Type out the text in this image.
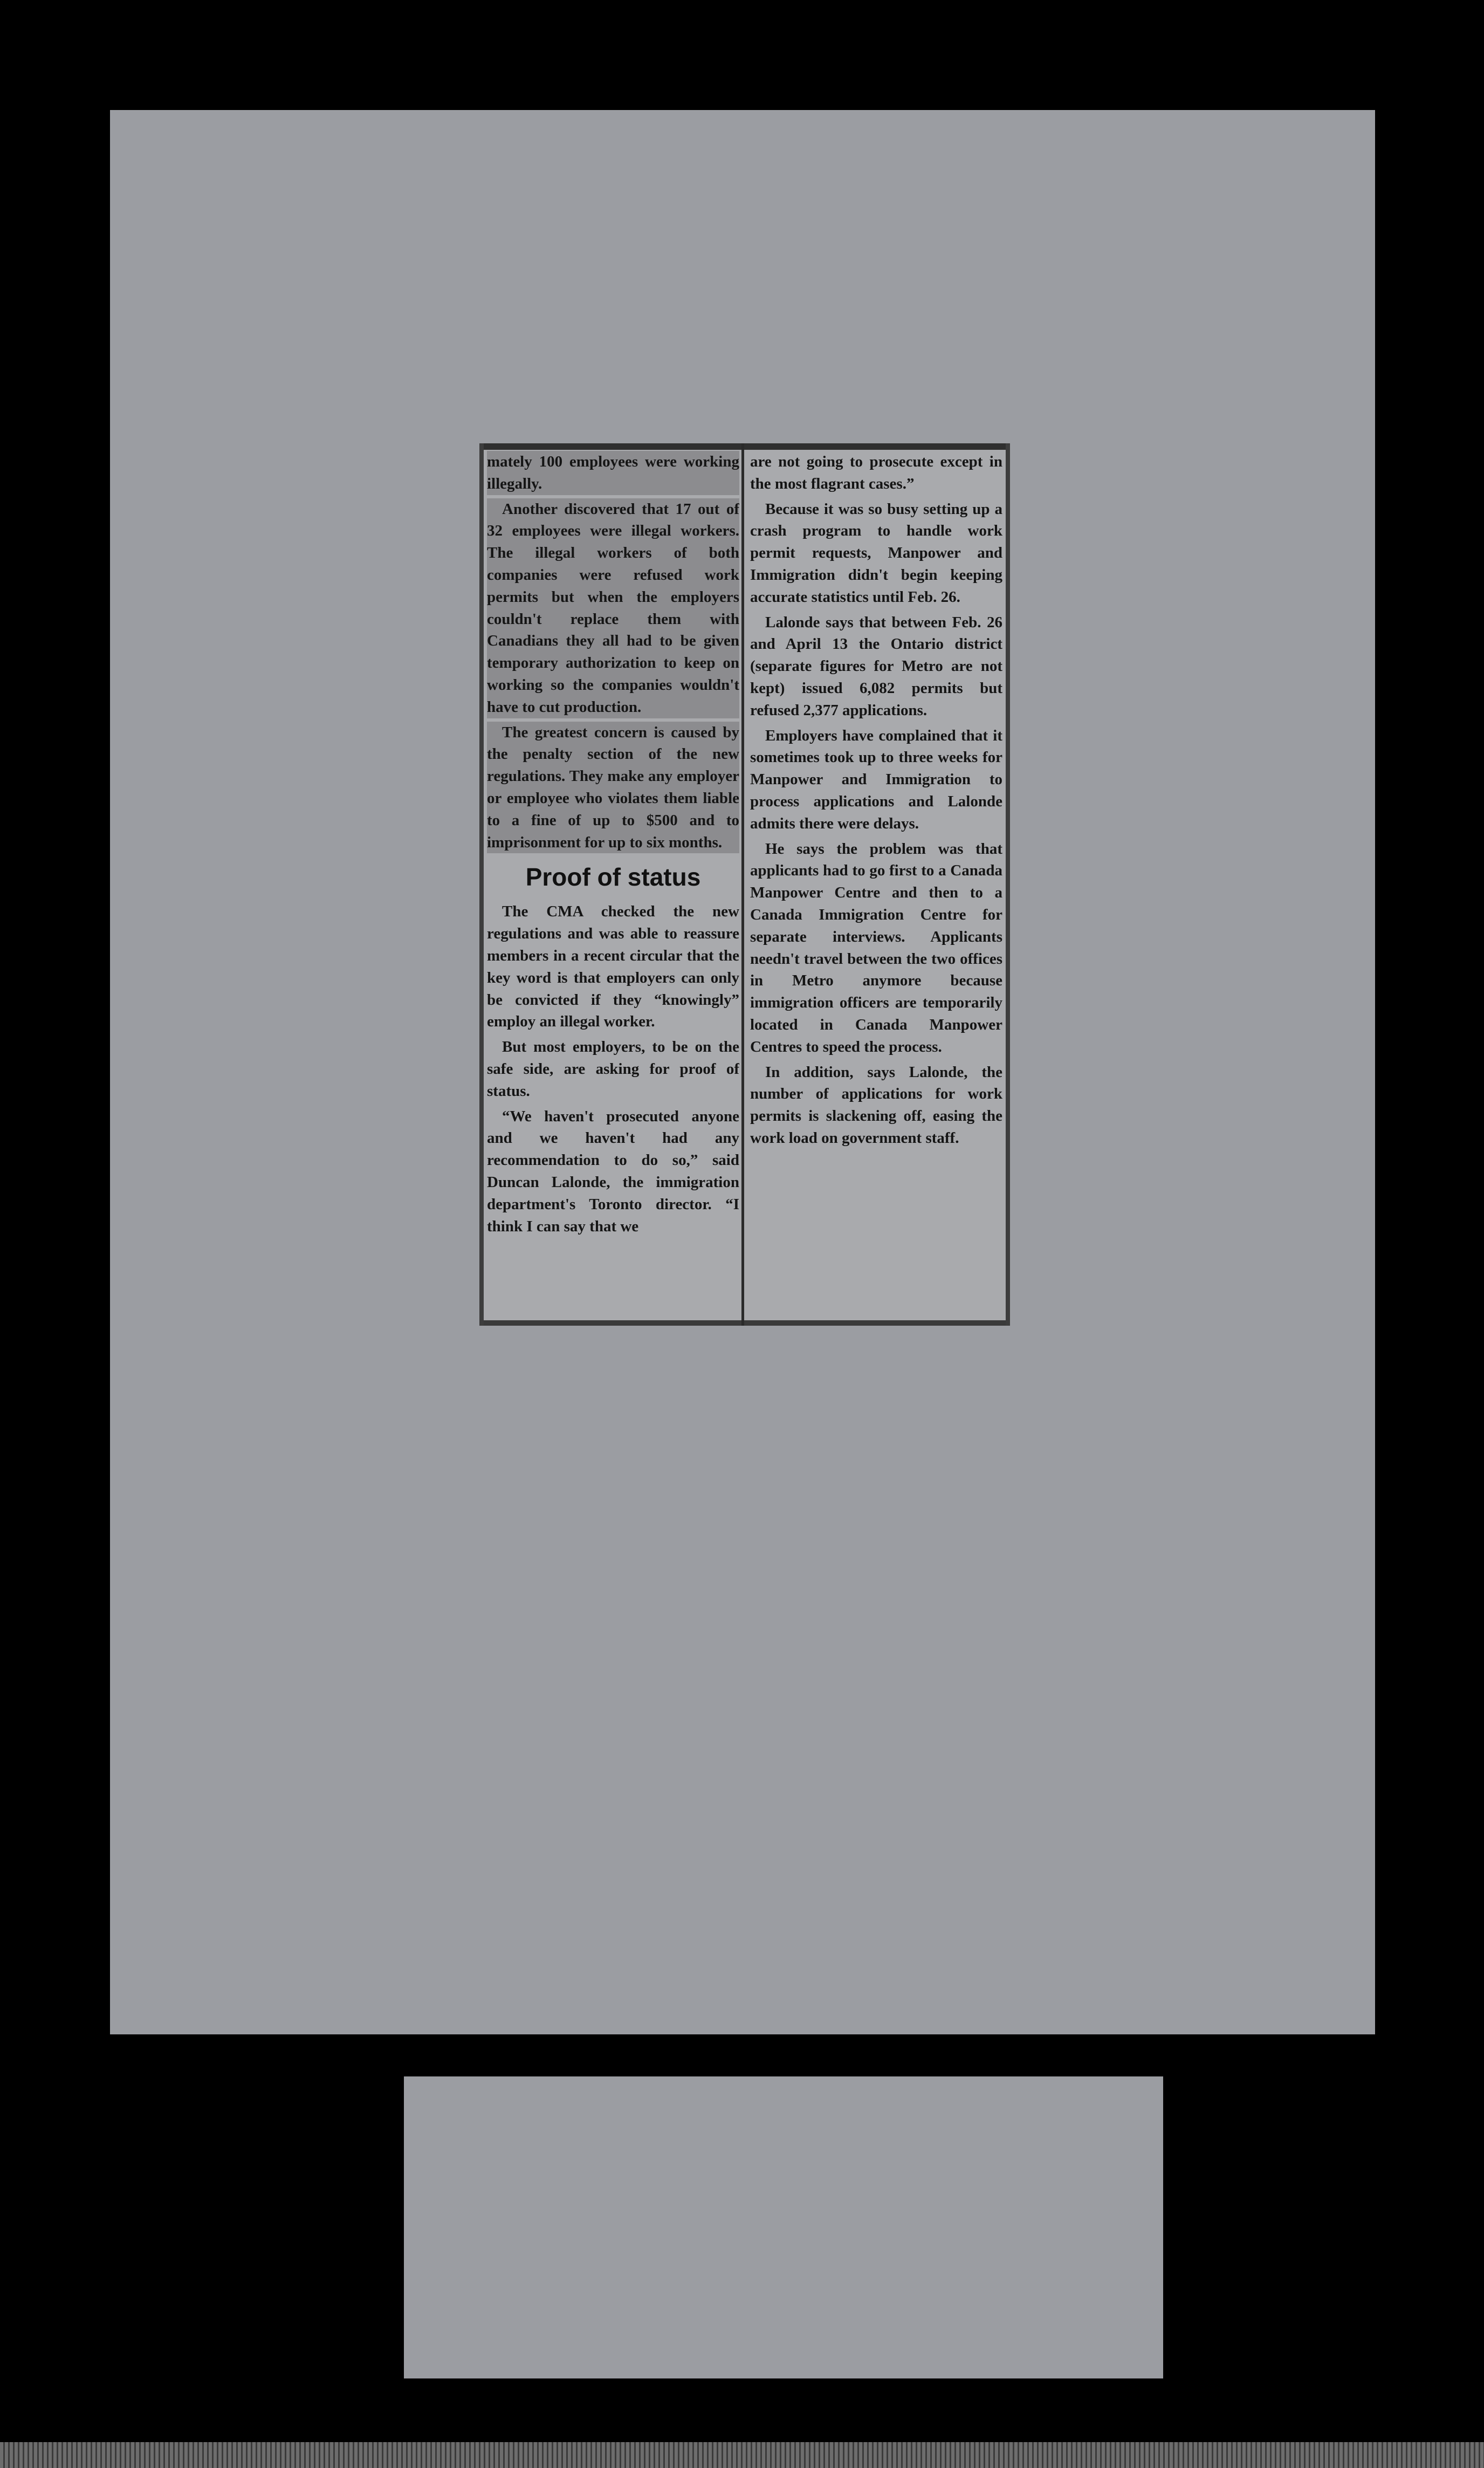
mately 100 employees were working illegally.

Another discovered that 17 out of 32 employees were illegal workers. The illegal workers of both companies were refused work permits but when the employers couldn't replace them with Canadians they all had to be given temporary authorization to keep on working so the companies wouldn't have to cut production.

The greatest concern is caused by the penalty section of the new regulations. They make any employer or employee who violates them liable to a fine of up to $500 and to imprisonment for up to six months.

Proof of status

The CMA checked the new regulations and was able to reassure members in a recent circular that the key word is that employers can only be convicted if they “knowingly” employ an illegal worker.

But most employers, to be on the safe side, are asking for proof of status.

“We haven't prosecuted anyone and we haven't had any recommendation to do so,” said Duncan Lalonde, the immigration department's Toronto director. “I think I can say that we

are not going to prosecute except in the most flagrant cases.”

Because it was so busy setting up a crash program to handle work permit requests, Manpower and Immigration didn't begin keeping accurate statistics until Feb. 26.

Lalonde says that between Feb. 26 and April 13 the Ontario district (separate figures for Metro are not kept) issued 6,082 permits but refused 2,377 applications.

Employers have complained that it sometimes took up to three weeks for Manpower and Immigration to process applications and Lalonde admits there were delays.

He says the problem was that applicants had to go first to a Canada Manpower Centre and then to a Canada Immigration Centre for separate interviews. Applicants needn't travel between the two offices in Metro anymore because immigration officers are temporarily located in Canada Manpower Centres to speed the process.

In addition, says Lalonde, the number of applications for work permits is slackening off, easing the work load on government staff.
